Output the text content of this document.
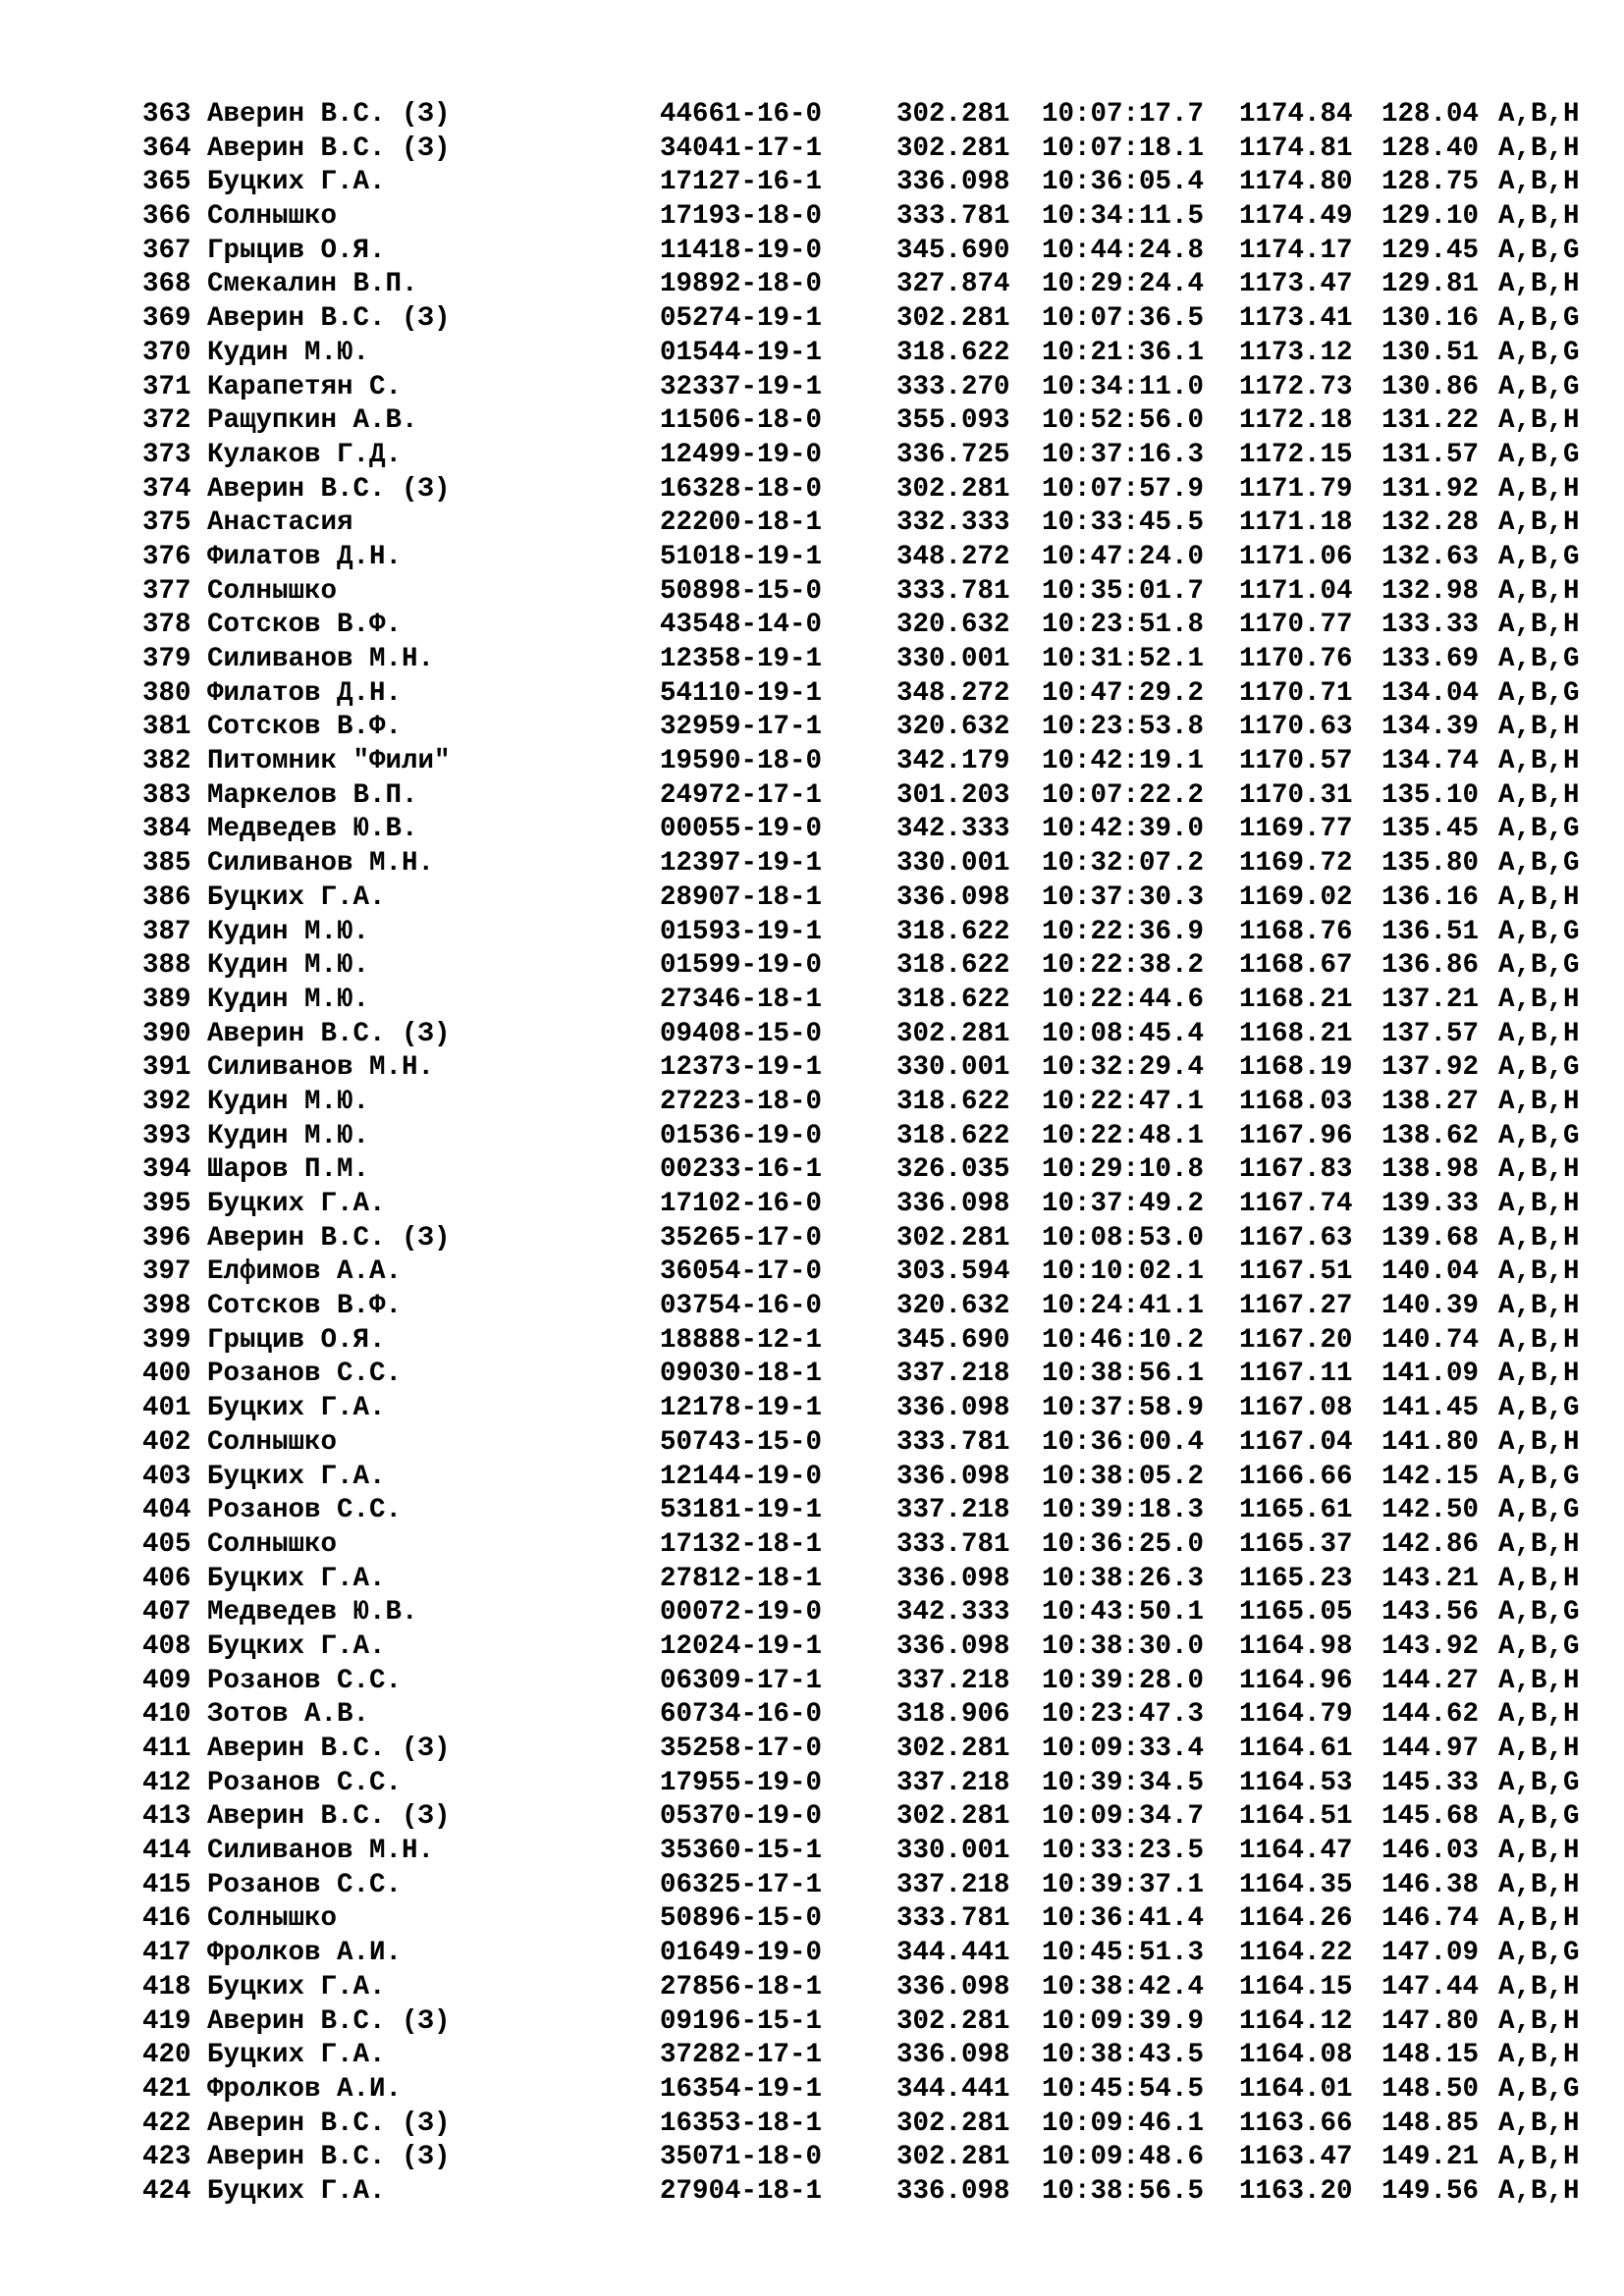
363 Аверин В.С. (З)	44661-16-0	302.281 10:07:17.7 1174.84 128.04 A,B,H
364 Аверин В.С. (З)	34041-17-1	302.281 10:07:18.1 1174.81 128.40 A,B,H
365 Буцких Г.А.	17127-16-1	336.098 10:36:05.4 1174.80 128.75 A,B,H
366 Солнышко	17193-18-0	333.781 10:34:11.5 1174.49 129.10 A,B,H
367 Грыцив О.Я.	11418-19-0	345.690 10:44:24.8 1174.17 129.45 A,B,G
368 Смекалин В.П.	19892-18-0	327.874 10:29:24.4 1173.47 129.81 A,B,H
369 Аверин В.С. (З)	05274-19-1	302.281 10:07:36.5 1173.41 130.16 A,B,G
370 Кудин М.Ю.	01544-19-1	318.622 10:21:36.1 1173.12 130.51 A,B,G
371 Карапетян С.	32337-19-1	333.270 10:34:11.0 1172.73 130.86 A,B,G
372 Ращупкин А.В.	11506-18-0	355.093 10:52:56.0 1172.18 131.22 A,B,H
373 Кулаков Г.Д.	12499-19-0	336.725 10:37:16.3 1172.15 131.57 A,B,G
374 Аверин В.С. (З)	16328-18-0	302.281 10:07:57.9 1171.79 131.92 A,B,H
375 Анастасия	22200-18-1	332.333 10:33:45.5 1171.18 132.28 A,B,H
376 Филатов Д.Н.	51018-19-1	348.272 10:47:24.0 1171.06 132.63 A,B,G
377 Солнышко	50898-15-0	333.781 10:35:01.7 1171.04 132.98 A,B,H
378 Сотсков В.Ф.	43548-14-0	320.632 10:23:51.8 1170.77 133.33 A,B,H
379 Силиванов М.Н.	12358-19-1	330.001 10:31:52.1 1170.76 133.69 A,B,G
380 Филатов Д.Н.	54110-19-1	348.272 10:47:29.2 1170.71 134.04 A,B,G
381 Сотсков В.Ф.	32959-17-1	320.632 10:23:53.8 1170.63 134.39 A,B,H
382 Питомник "Фили"	19590-18-0	342.179 10:42:19.1 1170.57 134.74 A,B,H
383 Маркелов В.П.	24972-17-1	301.203 10:07:22.2 1170.31 135.10 A,B,H
384 Медведев Ю.В.	00055-19-0	342.333 10:42:39.0 1169.77 135.45 A,B,G
385 Силиванов М.Н.	12397-19-1	330.001 10:32:07.2 1169.72 135.80 A,B,G
386 Буцких Г.А.	28907-18-1	336.098 10:37:30.3 1169.02 136.16 A,B,H
387 Кудин М.Ю.	01593-19-1	318.622 10:22:36.9 1168.76 136.51 A,B,G
388 Кудин М.Ю.	01599-19-0	318.622 10:22:38.2 1168.67 136.86 A,B,G
389 Кудин М.Ю.	27346-18-1	318.622 10:22:44.6 1168.21 137.21 A,B,H
390 Аверин В.С. (З)	09408-15-0	302.281 10:08:45.4 1168.21 137.57 A,B,H
391 Силиванов М.Н.	12373-19-1	330.001 10:32:29.4 1168.19 137.92 A,B,G
392 Кудин М.Ю.	27223-18-0	318.622 10:22:47.1 1168.03 138.27 A,B,H
393 Кудин М.Ю.	01536-19-0	318.622 10:22:48.1 1167.96 138.62 A,B,G
394 Шаров П.М.	00233-16-1	326.035 10:29:10.8 1167.83 138.98 A,B,H
395 Буцких Г.А.	17102-16-0	336.098 10:37:49.2 1167.74 139.33 A,B,H
396 Аверин В.С. (З)	35265-17-0	302.281 10:08:53.0 1167.63 139.68 A,B,H
397 Елфимов А.А.	36054-17-0	303.594 10:10:02.1 1167.51 140.04 A,B,H
398 Сотсков В.Ф.	03754-16-0	320.632 10:24:41.1 1167.27 140.39 A,B,H
399 Грыцив О.Я.	18888-12-1	345.690 10:46:10.2 1167.20 140.74 A,B,H
400 Розанов С.С.	09030-18-1	337.218 10:38:56.1 1167.11 141.09 A,B,H
401 Буцких Г.А.	12178-19-1	336.098 10:37:58.9 1167.08 141.45 A,B,G
402 Солнышко	50743-15-0	333.781 10:36:00.4 1167.04 141.80 A,B,H
403 Буцких Г.А.	12144-19-0	336.098 10:38:05.2 1166.66 142.15 A,B,G
404 Розанов С.С.	53181-19-1	337.218 10:39:18.3 1165.61 142.50 A,B,G
405 Солнышко	17132-18-1	333.781 10:36:25.0 1165.37 142.86 A,B,H
406 Буцких Г.А.	27812-18-1	336.098 10:38:26.3 1165.23 143.21 A,B,H
407 Медведев Ю.В.	00072-19-0	342.333 10:43:50.1 1165.05 143.56 A,B,G
408 Буцких Г.А.	12024-19-1	336.098 10:38:30.0 1164.98 143.92 A,B,G
409 Розанов С.С.	06309-17-1	337.218 10:39:28.0 1164.96 144.27 A,B,H
410 Зотов А.В.	60734-16-0	318.906 10:23:47.3 1164.79 144.62 A,B,H
411 Аверин В.С. (З)	35258-17-0	302.281 10:09:33.4 1164.61 144.97 A,B,H
412 Розанов С.С.	17955-19-0	337.218 10:39:34.5 1164.53 145.33 A,B,G
413 Аверин В.С. (З)	05370-19-0	302.281 10:09:34.7 1164.51 145.68 A,B,G
414 Силиванов М.Н.	35360-15-1	330.001 10:33:23.5 1164.47 146.03 A,B,H
415 Розанов С.С.	06325-17-1	337.218 10:39:37.1 1164.35 146.38 A,B,H
416 Солнышко	50896-15-0	333.781 10:36:41.4 1164.26 146.74 A,B,H
417 Фролков А.И.	01649-19-0	344.441 10:45:51.3 1164.22 147.09 A,B,G
418 Буцких Г.А.	27856-18-1	336.098 10:38:42.4 1164.15 147.44 A,B,H
419 Аверин В.С. (З)	09196-15-1	302.281 10:09:39.9 1164.12 147.80 A,B,H
420 Буцких Г.А.	37282-17-1	336.098 10:38:43.5 1164.08 148.15 A,B,H
421 Фролков А.И.	16354-19-1	344.441 10:45:54.5 1164.01 148.50 A,B,G
422 Аверин В.С. (З)	16353-18-1	302.281 10:09:46.1 1163.66 148.85 A,B,H
423 Аверин В.С. (З)	35071-18-0	302.281 10:09:48.6 1163.47 149.21 A,B,H
424 Буцких Г.А.	27904-18-1	336.098 10:38:56.5 1163.20 149.56 A,B,H
